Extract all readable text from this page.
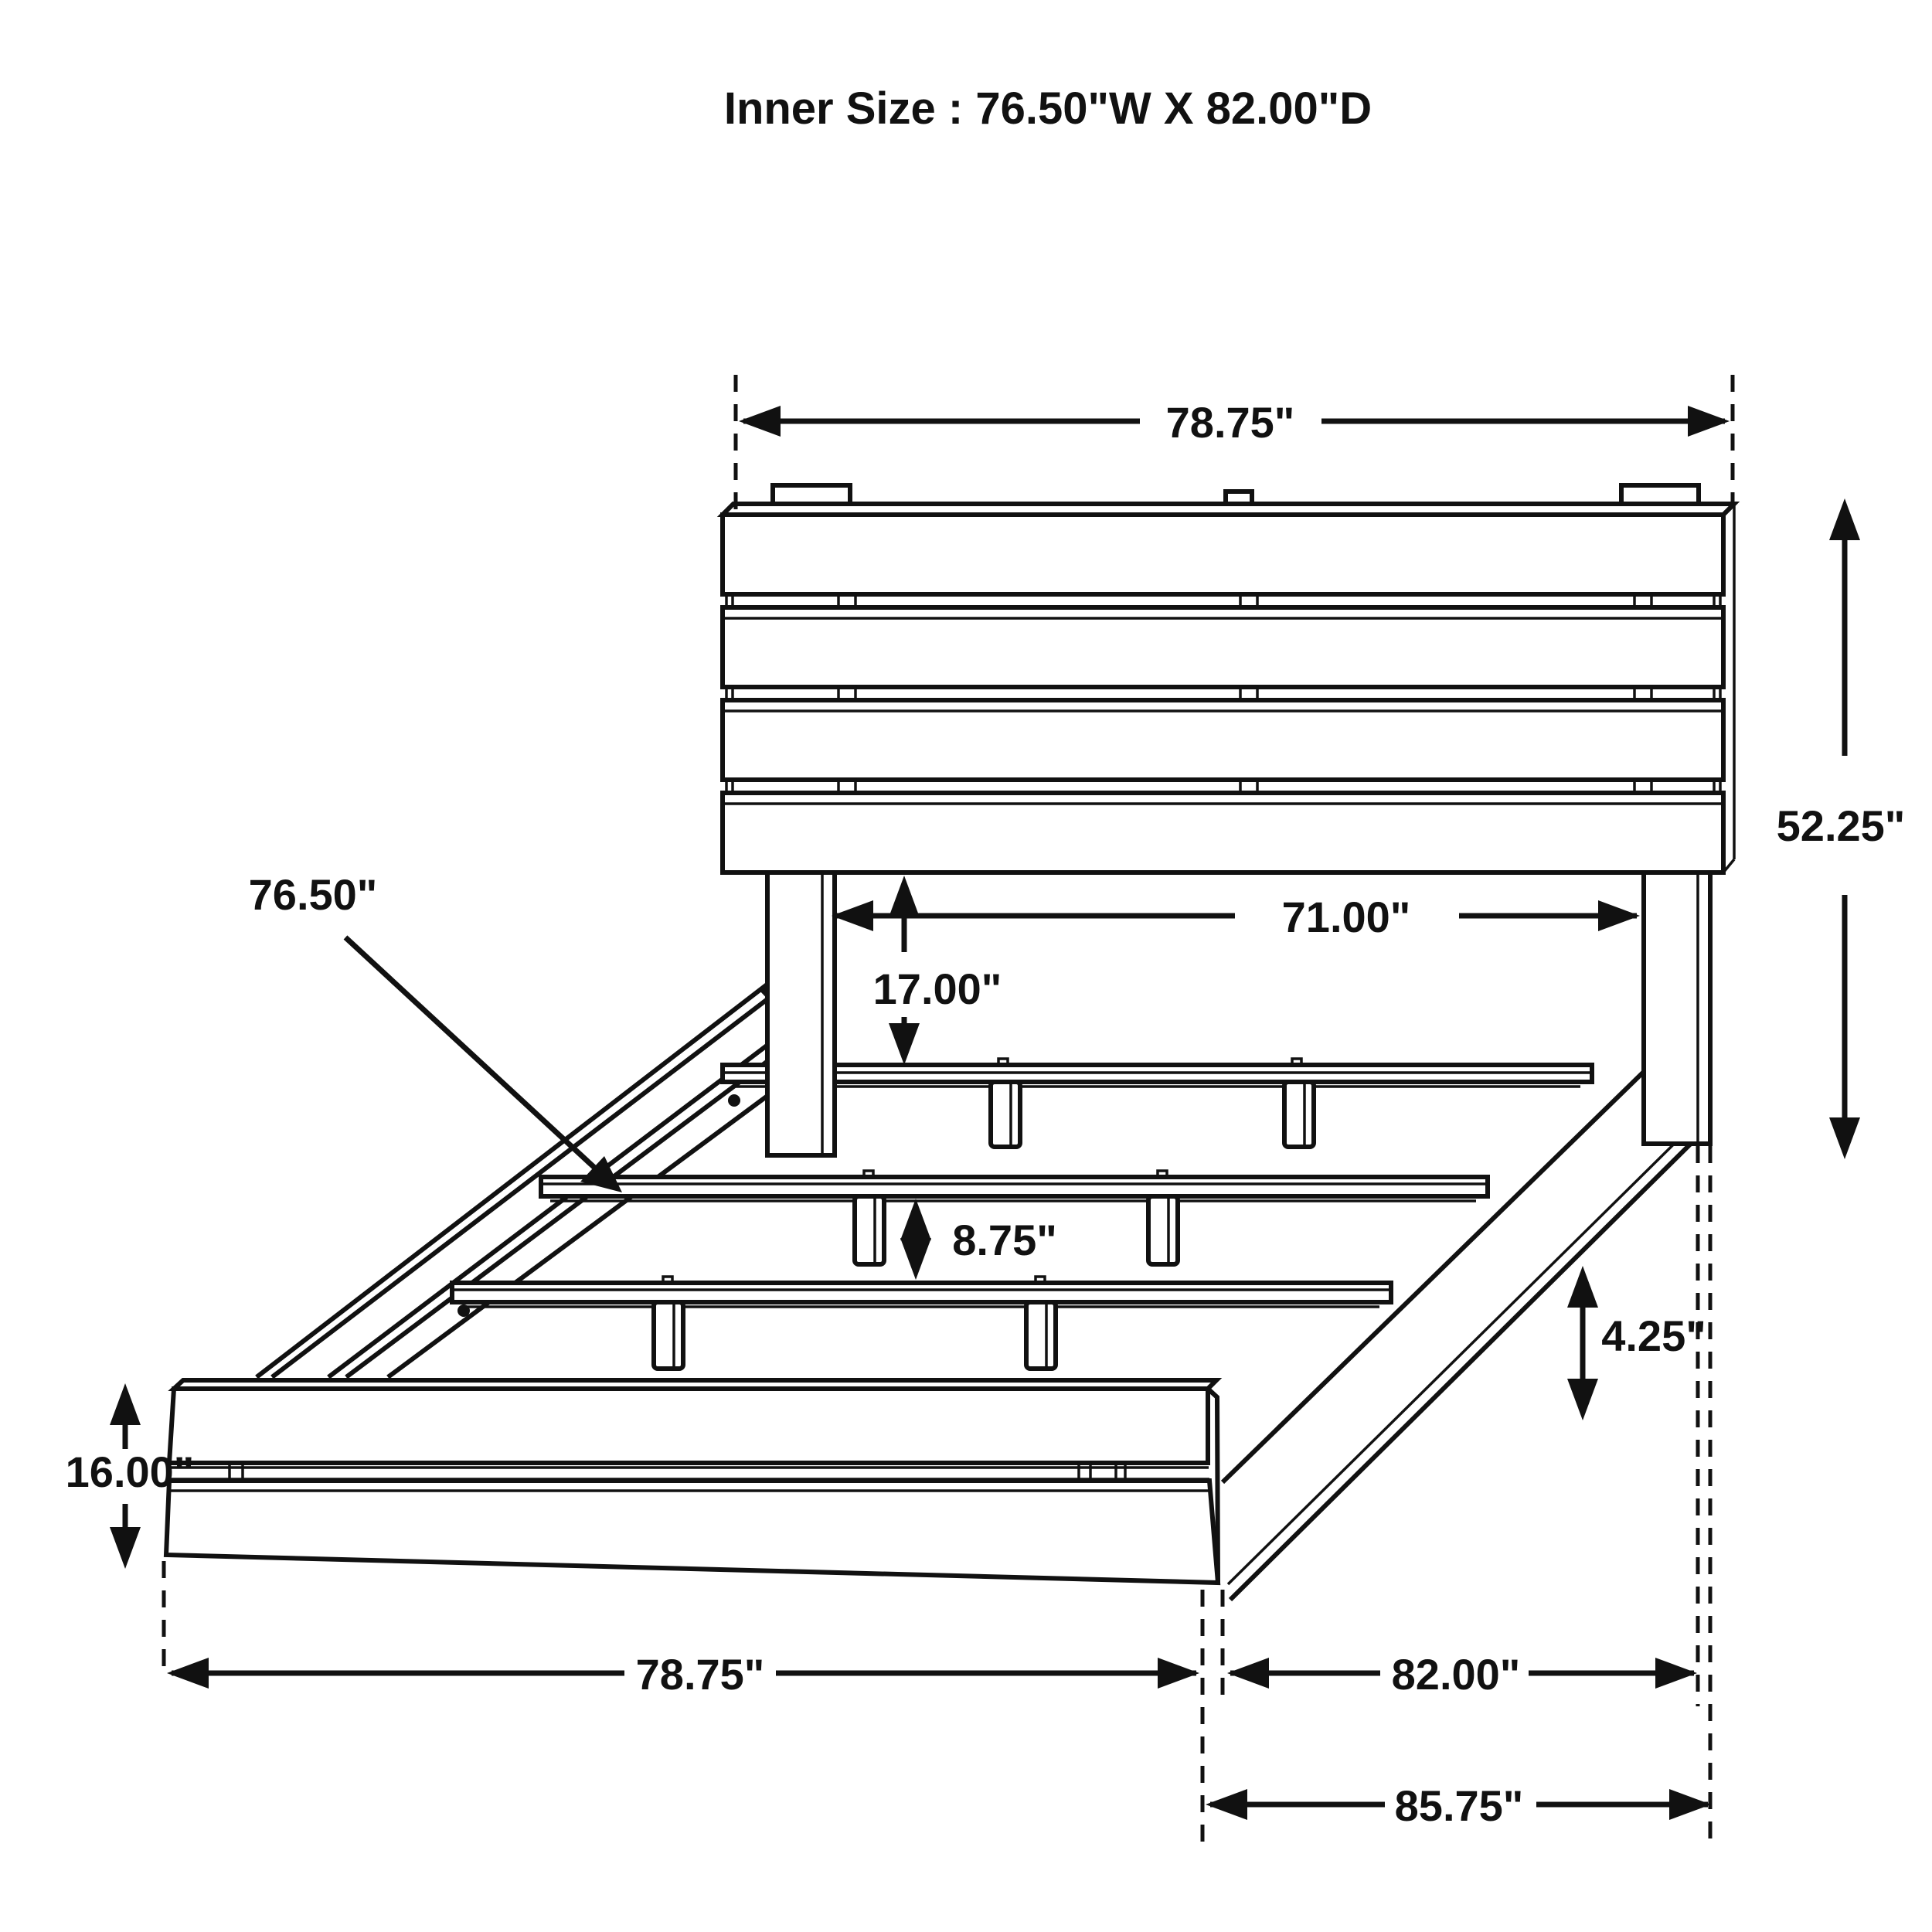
Inner Size : 76.50"W X 82.00"D
78.75"
52.25"
71.00"
17.00"
76.50"
8.75"
4.25"
16.00"
78.75"	82.00"
85.75"
